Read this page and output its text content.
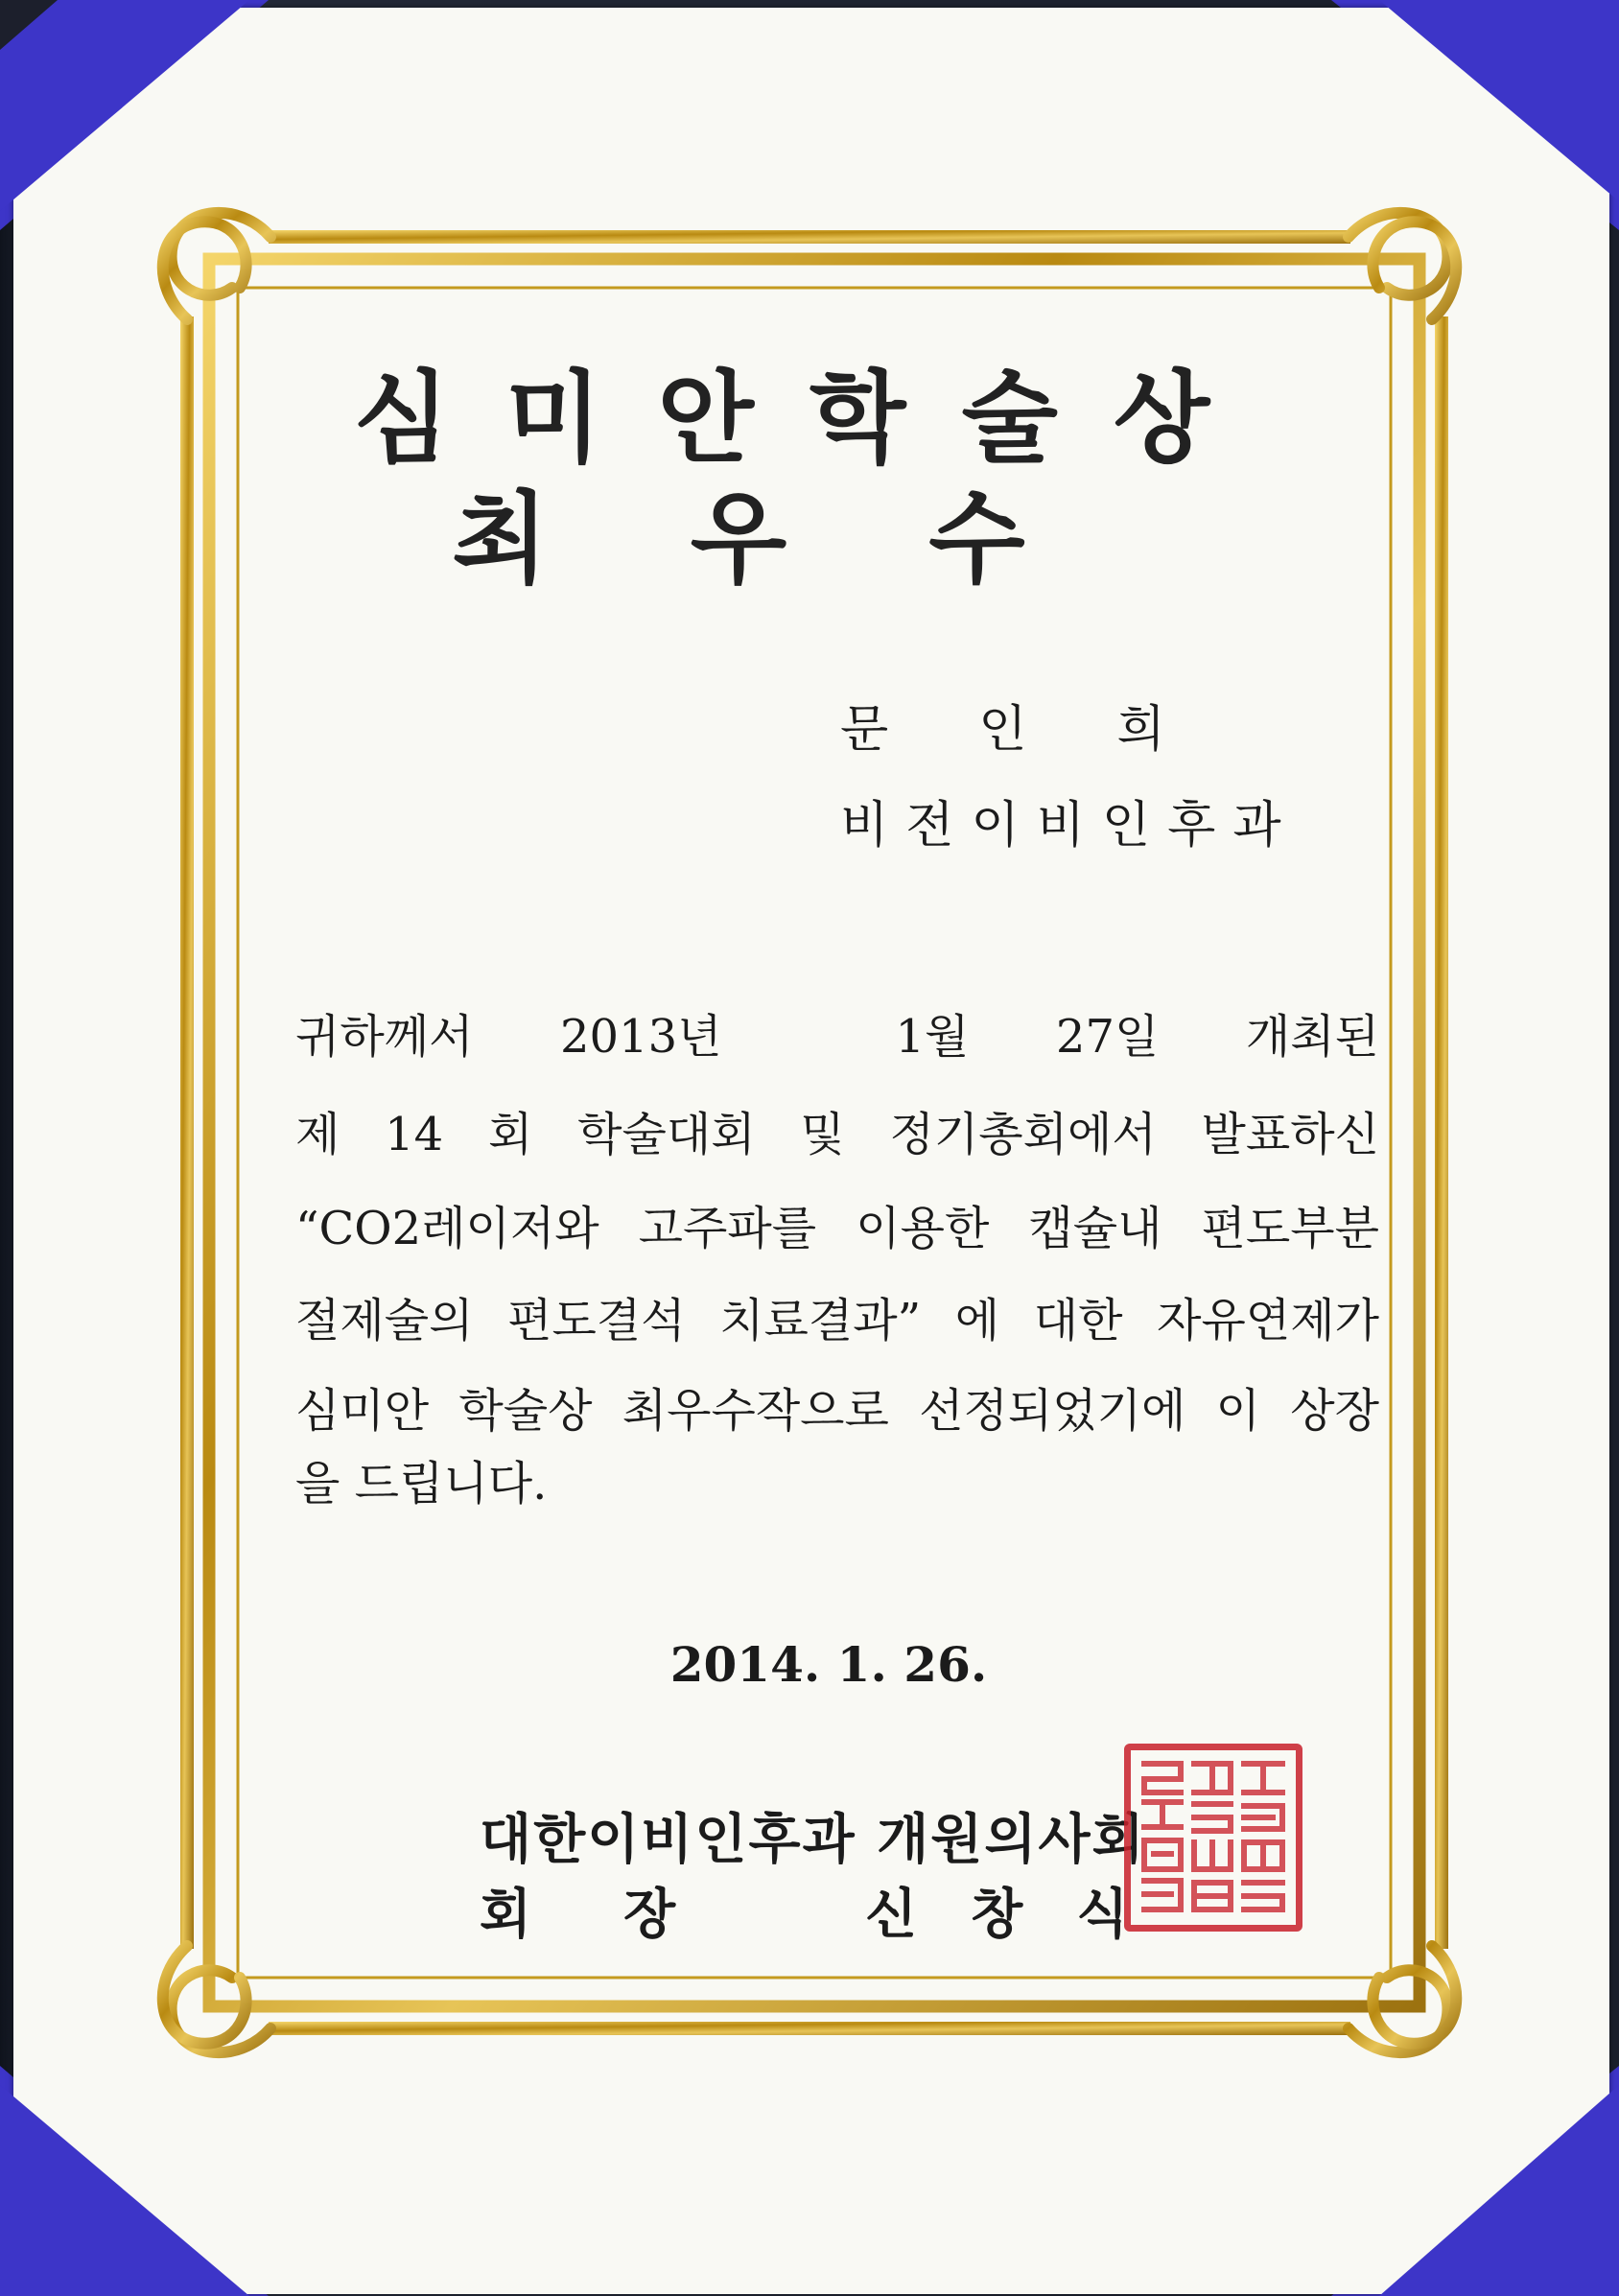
심미안학술상
최우수
문인희
비전이비인후과
귀하께서 2013년  1월 27일 개최된
제 14 회 학술대회 및 정기총회에서 발표하신
“CO2레이저와 고주파를 이용한 캡슐내 편도부분
절제술의 편도결석 치료결과” 에 대한 자유연제가
심미안 학술상 최우수작으로 선정되었기에 이 상장
을 드립니다.
2014. 1. 26.
대한이비인후과 개원의사회
회장 신창식
